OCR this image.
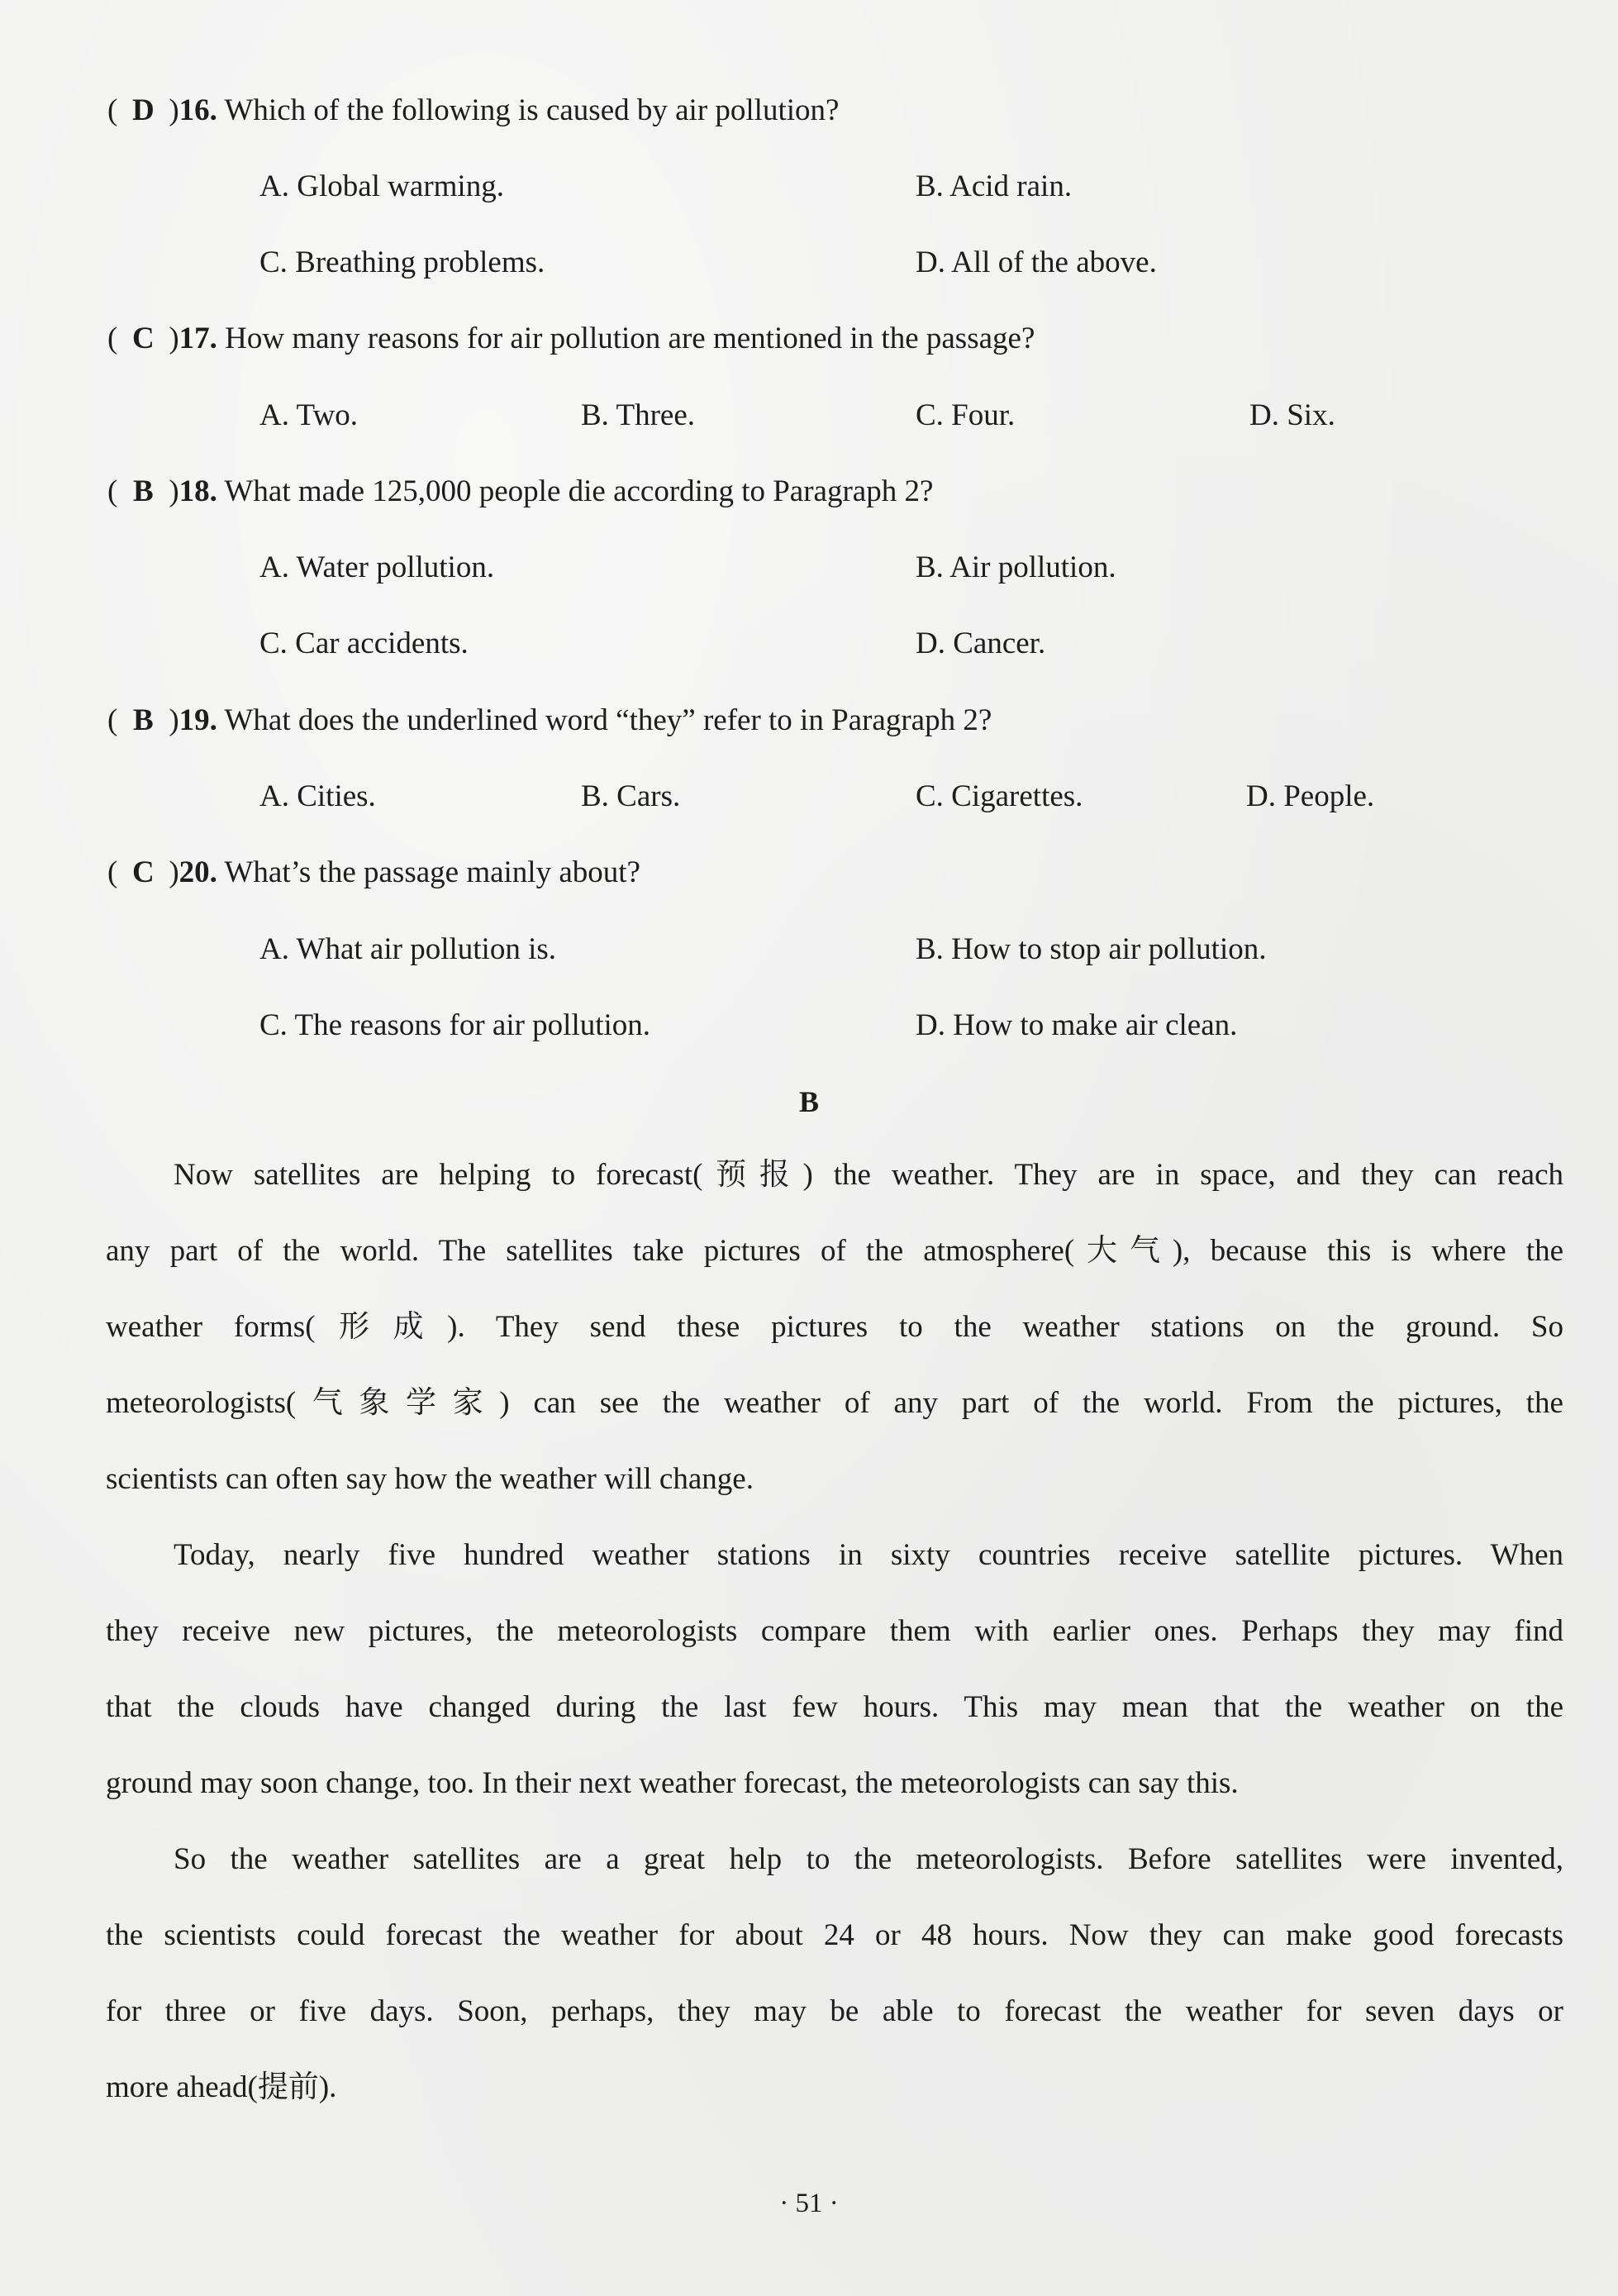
( D )16. Which of the following is caused by air pollution?
A. Global warming.	B. Acid rain.
C. Breathing problems.	D. All of the above.
( C )17. How many reasons for air pollution are mentioned in the passage?
A. Two.	B. Three.	C. Four.	D. Six.
( B )18. What made 125,000 people die according to Paragraph 2?
A. Water pollution.	B. Air pollution.
C. Car accidents.	D. Cancer.
( B )19. What does the underlined word “they” refer to in Paragraph 2?
A. Cities.	B. Cars.	C. Cigarettes.	D. People.
( C )20. What’s the passage mainly about?
A. What air pollution is.	B. How to stop air pollution.
C. The reasons for air pollution.	D. How to make air clean.
B
Now satellites are helping to forecast(预报) the weather. They are in space, and they can reach
any part of the world. The satellites take pictures of the atmosphere(大气), because this is where the
weather forms(形成). They send these pictures to the weather stations on the ground. So
meteorologists(气象学家) can see the weather of any part of the world. From the pictures, the
scientists can often say how the weather will change.
Today, nearly five hundred weather stations in sixty countries receive satellite pictures. When
they receive new pictures, the meteorologists compare them with earlier ones. Perhaps they may find
that the clouds have changed during the last few hours. This may mean that the weather on the
ground may soon change, too. In their next weather forecast, the meteorologists can say this.
So the weather satellites are a great help to the meteorologists. Before satellites were invented,
the scientists could forecast the weather for about 24 or 48 hours. Now they can make good forecasts
for three or five days. Soon, perhaps, they may be able to forecast the weather for seven days or
more ahead(提前).
· 51 ·
